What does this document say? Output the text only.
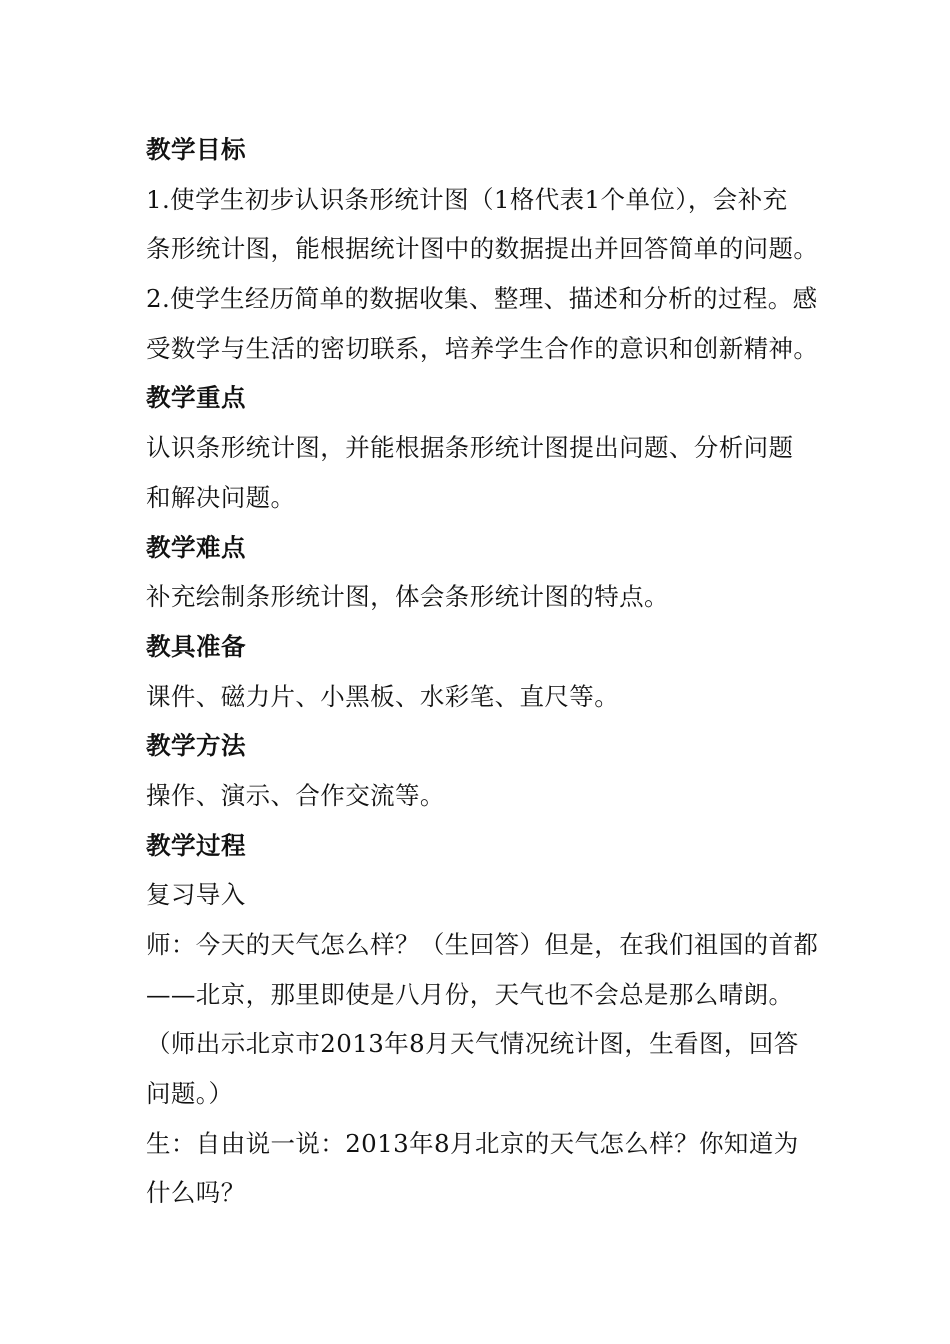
教学目标
1.使学生初步认识条形统计图（1格代表1个单位），会补充
条形统计图，能根据统计图中的数据提出并回答简单的问题。
2.使学生经历简单的数据收集、整理、描述和分析的过程。感
受数学与生活的密切联系，培养学生合作的意识和创新精神。
教学重点
认识条形统计图，并能根据条形统计图提出问题、分析问题
和解决问题。
教学难点
补充绘制条形统计图，体会条形统计图的特点。
教具准备
课件、磁力片、小黑板、水彩笔、直尺等。
教学方法
操作、演示、合作交流等。
教学过程
复习导入
师：今天的天气怎么样？（生回答）但是，在我们祖国的首都
——北京，那里即使是八月份，天气也不会总是那么晴朗。
（师出示北京市2013年8月天气情况统计图，生看图，回答
问题。）
生：自由说一说：2013年8月北京的天气怎么样？你知道为
什么吗？
